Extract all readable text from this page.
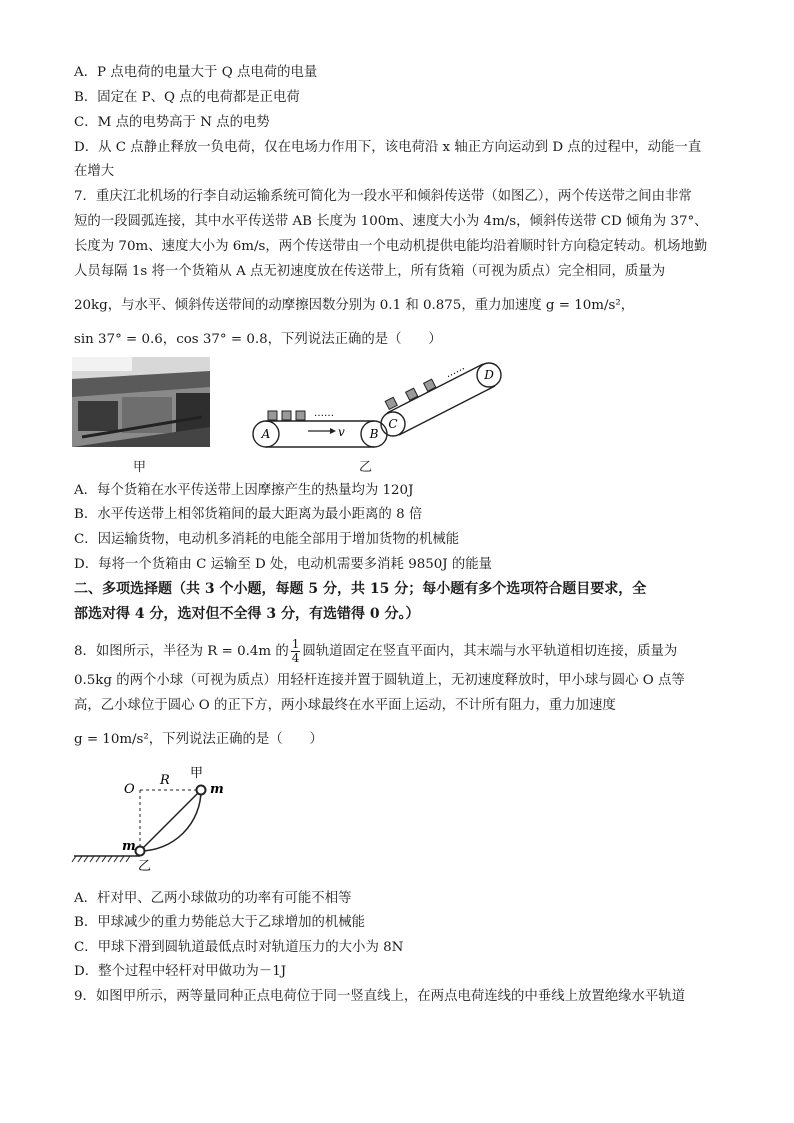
A．P 点电荷的电量大于 Q 点电荷的电量
B．固定在 P、Q 点的电荷都是正电荷
C．M 点的电势高于 N 点的电势
D．从 C 点静止释放一负电荷，仅在电场力作用下，该电荷沿 x 轴正方向运动到 D 点的过程中，动能一直
在增大
7．重庆江北机场的行李自动运输系统可简化为一段水平和倾斜传送带（如图乙），两个传送带之间由非常
短的一段圆弧连接，其中水平传送带 AB 长度为 100m、速度大小为 4m/s，倾斜传送带 CD 倾角为 37°、
长度为 70m、速度大小为 6m/s，两个传送带由一个电动机提供电能均沿着顺时针方向稳定转动。机场地勤
人员每隔 1s 将一个货箱从 A 点无初速度放在传送带上，所有货箱（可视为质点）完全相同，质量为
20kg，与水平、倾斜传送带间的动摩擦因数分别为 0.1 和 0.875，重力加速度 g = 10m/s²，
sin 37° = 0.6，cos 37° = 0.8，下列说法正确的是（　　）
甲
v
……
……
A	B
C
D
乙
A．每个货箱在水平传送带上因摩擦产生的热量均为 120J
B．水平传送带上相邻货箱间的最大距离为最小距离的 8 倍
C．因运输货物，电动机多消耗的电能全部用于增加货物的机械能
D．每将一个货箱由 C 运输至 D 处，电动机需要多消耗 9850J 的能量
二、多项选择题（共 3 个小题，每题 5 分，共 15 分；每小题有多个选项符合题目要求，全
部选对得 4 分，选对但不全得 3 分，有选错得 0 分。）
8．如图所示，半径为 R = 0.4m 的 $\frac{1}{4}$ 圆轨道固定在竖直平面内，其末端与水平轨道相切连接，质量为
0.5kg 的两个小球（可视为质点）用轻杆连接并置于圆轨道上，无初速度释放时，甲小球与圆心 O 点等
高，乙小球位于圆心 O 的正下方，两小球最终在水平面上运动，不计所有阻力，重力加速度
g = 10m/s²，下列说法正确的是（　　）
O
R 甲
m
m
乙
A．杆对甲、乙两小球做功的功率有可能不相等
B．甲球减少的重力势能总大于乙球增加的机械能
C．甲球下滑到圆轨道最低点时对轨道压力的大小为 8N
D．整个过程中轻杆对甲做功为－1J
9．如图甲所示，两等量同种正点电荷位于同一竖直线上，在两点电荷连线的中垂线上放置绝缘水平轨道
